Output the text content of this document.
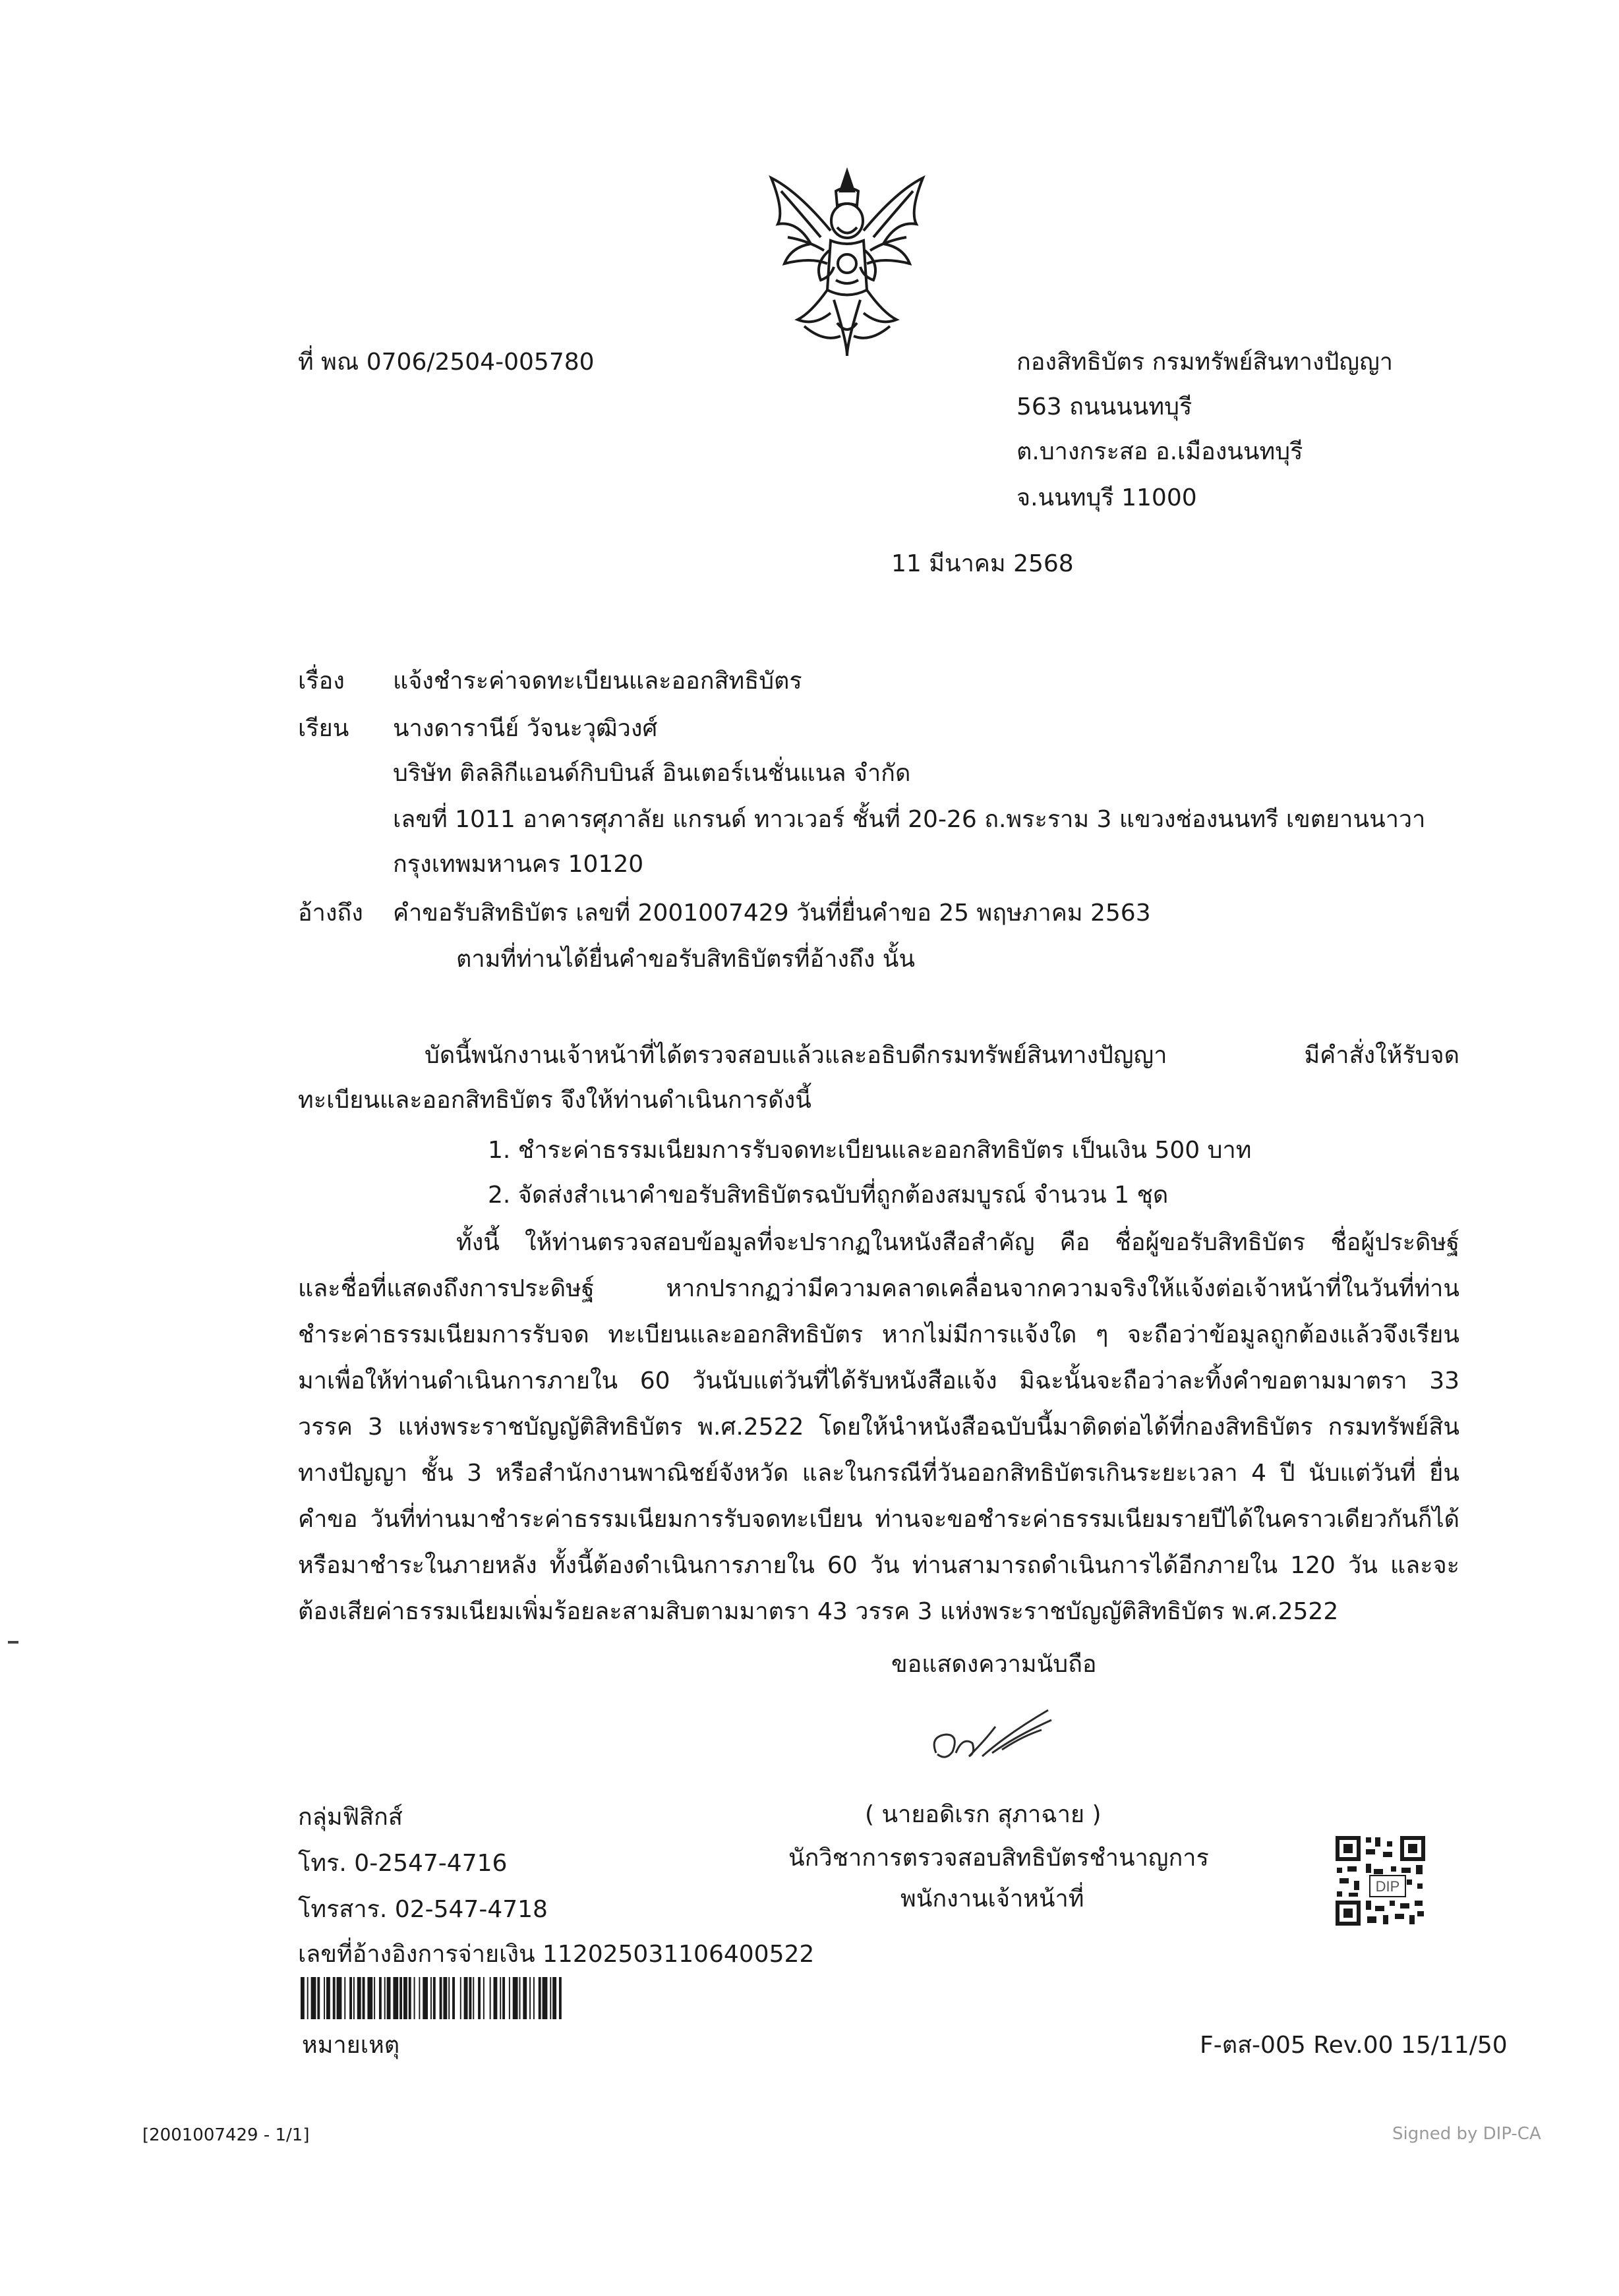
ที่ พณ 0706/2504-005780	กองสิทธิบัตร กรมทรัพย์สินทางปัญญา
563 ถนนนนทบุรี
ต.บางกระสอ อ.เมืองนนทบุรี
จ.นนทบุรี 11000
11 มีนาคม 2568
เรื่อง แจ้งชำระค่าจดทะเบียนและออกสิทธิบัตร
เรียน นางดารานีย์ วัจนะวุฒิวงศ์
บริษัท ติลลิกีแอนด์กิบบินส์ อินเตอร์เนชั่นแนล จำกัด
เลขที่ 1011 อาคารศุภาลัย แกรนด์ ทาวเวอร์ ชั้นที่ 20-26 ถ.พระราม 3 แขวงช่องนนทรี เขตยานนาวา
กรุงเทพมหานคร 10120
อ้างถึง คำขอรับสิทธิบัตร เลขที่ 2001007429 วันที่ยื่นคำขอ 25 พฤษภาคม 2563
ตามที่ท่านได้ยื่นคำขอรับสิทธิบัตรที่อ้างถึง นั้น
บัดนี้พนักงานเจ้าหน้าที่ได้ตรวจสอบแล้วและอธิบดีกรมทรัพย์สินทางปัญญา มีคำสั่งให้รับจด
ทะเบียนและออกสิทธิบัตร จึงให้ท่านดำเนินการดังนี้
1. ชำระค่าธรรมเนียมการรับจดทะเบียนและออกสิทธิบัตร เป็นเงิน 500 บาท
2. จัดส่งสำเนาคำขอรับสิทธิบัตรฉบับที่ถูกต้องสมบูรณ์ จำนวน 1 ชุด
ทั้งนี้ ให้ท่านตรวจสอบข้อมูลที่จะปรากฏในหนังสือสำคัญ คือ ชื่อผู้ขอรับสิทธิบัตร ชื่อผู้ประดิษฐ์
และชื่อที่แสดงถึงการประดิษฐ์ หากปรากฏว่ามีความคลาดเคลื่อนจากความจริงให้แจ้งต่อเจ้าหน้าที่ในวันที่ท่าน
ชำระค่าธรรมเนียมการรับจด ทะเบียนและออกสิทธิบัตร หากไม่มีการแจ้งใด ๆ จะถือว่าข้อมูลถูกต้องแล้วจึงเรียน
มาเพื่อให้ท่านดำเนินการภายใน 60 วันนับแต่วันที่ได้รับหนังสือแจ้ง มิฉะนั้นจะถือว่าละทิ้งคำขอตามมาตรา 33
วรรค 3 แห่งพระราชบัญญัติสิทธิบัตร พ.ศ.2522 โดยให้นำหนังสือฉบับนี้มาติดต่อได้ที่กองสิทธิบัตร กรมทรัพย์สิน
ทางปัญญา ชั้น 3 หรือสำนักงานพาณิชย์จังหวัด และในกรณีที่วันออกสิทธิบัตรเกินระยะเวลา 4 ปี นับแต่วันที่ ยื่น
คำขอ วันที่ท่านมาชำระค่าธรรมเนียมการรับจดทะเบียน ท่านจะขอชำระค่าธรรมเนียมรายปีได้ในคราวเดียวกันก็ได้
หรือมาชำระในภายหลัง ทั้งนี้ต้องดำเนินการภายใน 60 วัน ท่านสามารถดำเนินการได้อีกภายใน 120 วัน และจะ
ต้องเสียค่าธรรมเนียมเพิ่มร้อยละสามสิบตามมาตรา 43 วรรค 3 แห่งพระราชบัญญัติสิทธิบัตร พ.ศ.2522
ขอแสดงความนับถือ
( นายอดิเรก สุภาฉาย )
นักวิชาการตรวจสอบสิทธิบัตรชำนาญการ
พนักงานเจ้าหน้าที่
กลุ่มฟิสิกส์
โทร. 0-2547-4716
โทรสาร. 02-547-4718
เลขที่อ้างอิงการจ่ายเงิน 112025031106400522
หมายเหตุ
DIP
F-ตส-005 Rev.00 15/11/50
[2001007429 - 1/1]	Signed by DIP-CA
